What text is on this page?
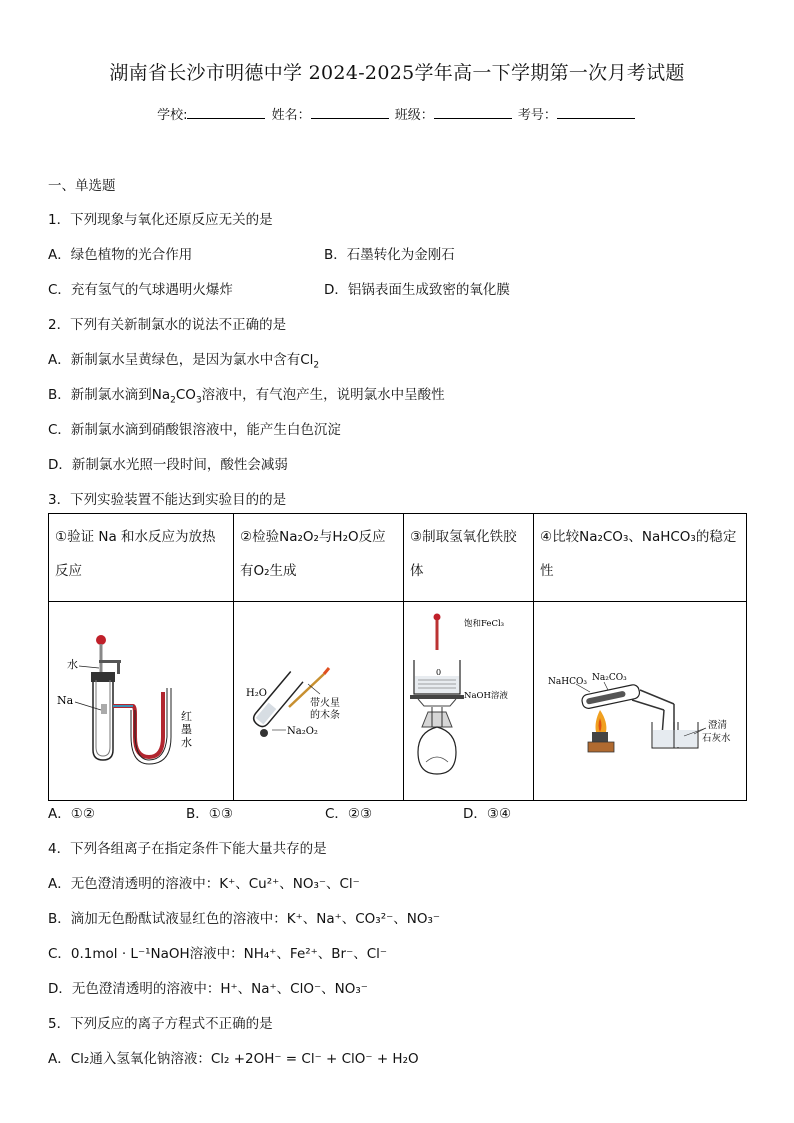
湖南省长沙市明德中学 2024-2025学年高一下学期第一次月考试题
学校:	姓名：	班级：	考号：
一、单选题
1．下列现象与氧化还原反应无关的是
A．绿色植物的光合作用	B．石墨转化为金刚石
C．充有氢气的气球遇明火爆炸	D．铝锅表面生成致密的氧化膜
2．下列有关新制氯水的说法不正确的是
A．新制氯水呈黄绿色，是因为氯水中含有$Cl_2$
B．新制氯水滴到$Na_2CO_3$溶液中，有气泡产生，说明氯水中呈酸性
C．新制氯水滴到硝酸银溶液中，能产生白色沉淀
D．新制氯水光照一段时间，酸性会减弱
3．下列实验装置不能达到实验目的的是
①验证 Na 和水反应为放热反应	②检验Na₂O₂与H₂O反应有O₂生成	③制取氢氧化铁胶体	④比较Na₂CO₃、NaHCO₃的稳定性

水
Na
红
墨
水	H₂O
带火星
的木条
Na₂O₂	0
饱和FeCl₃
NaOH溶液	NaHCO₃ Na₂CO₃
澄清
石灰水
A．①②	B．①③	C．②③	D．③④
4．下列各组离子在指定条件下能大量共存的是
A．无色澄清透明的溶液中：K⁺、Cu²⁺、NO₃⁻、Cl⁻
B．滴加无色酚酞试液显红色的溶液中：K⁺、Na⁺、CO₃²⁻、NO₃⁻
C．0.1mol · L⁻¹NaOH溶液中：NH₄⁺、Fe²⁺、Br⁻、Cl⁻
D．无色澄清透明的溶液中：H⁺、Na⁺、ClO⁻、NO₃⁻
5．下列反应的离子方程式不正确的是
A．Cl₂通入氢氧化钠溶液：Cl₂ +2OH⁻ = Cl⁻ + ClO⁻ + H₂O
